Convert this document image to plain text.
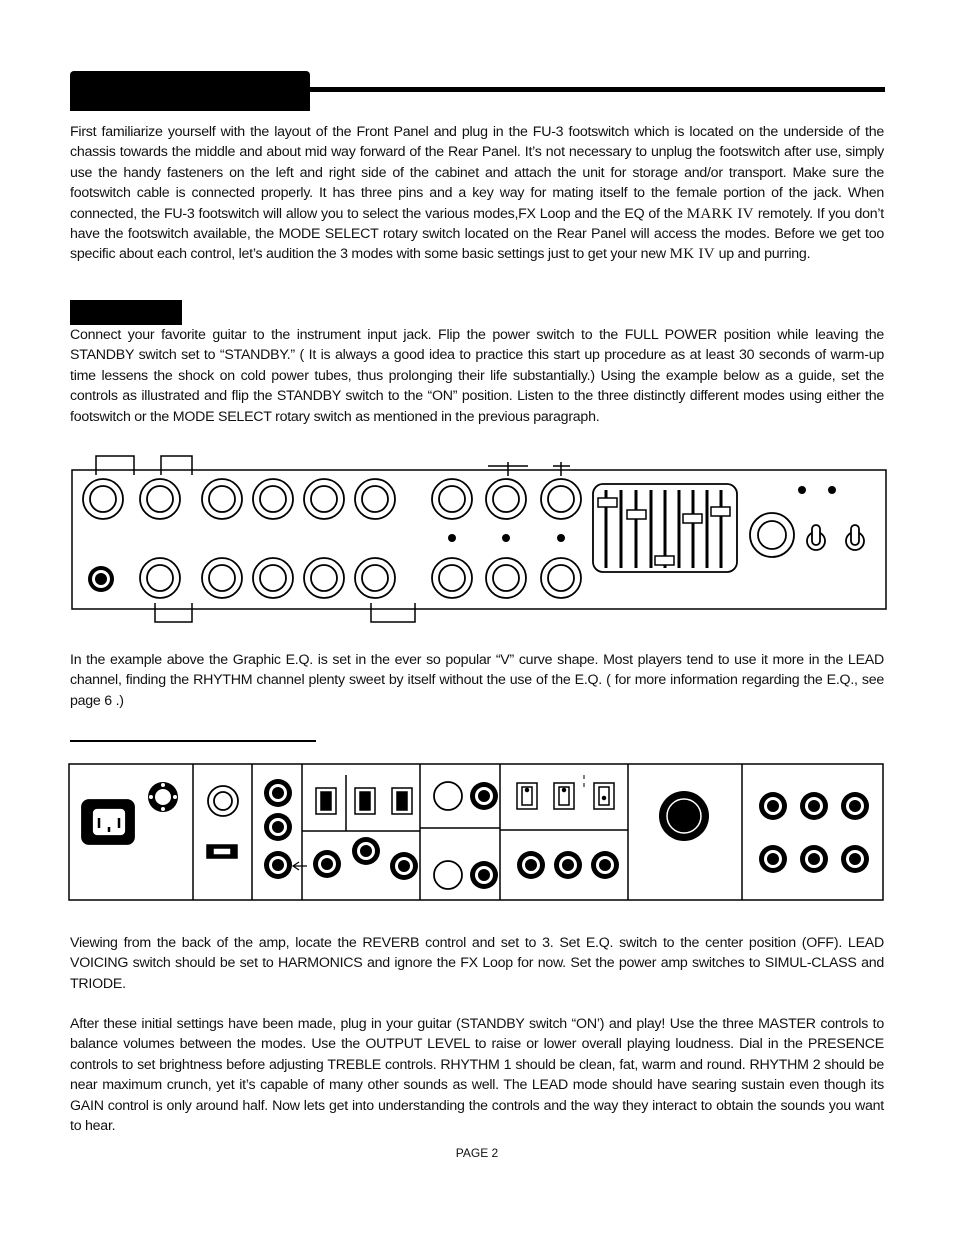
First familiarize yourself with the layout of the Front Panel and plug in the FU-3 footswitch which is located on the underside of the chassis towards the middle and about mid way forward of the Rear Panel. It’s not necessary to unplug the footswitch after use, simply use the handy fasteners on the left and right side of the cabinet and attach the unit for storage and/or transport. Make sure the footswitch cable is connected properly. It has three pins and a key way for mating itself to the female portion of the jack. When connected, the FU-3 footswitch will allow you to select the various modes,FX Loop and the EQ of the MARK IV remotely. If you don’t have the footswitch available, the MODE SELECT rotary switch located on the Rear Panel will access the modes. Before we get too specific about each control, let’s audition the 3 modes with some basic settings just to get your new MK IV up and purring.

Connect your favorite guitar to the instrument input jack. Flip the power switch to the FULL POWER position while leaving the STANDBY switch set to “STANDBY.” ( It is always a good idea to practice this start up procedure as at least 30 seconds of warm-up time lessens the shock on cold power tubes, thus prolonging their life substantially.) Using the example below as a guide, set the controls as illustrated and flip the STANDBY switch to the “ON” position. Listen to the three distinctly different modes using either the footswitch or the MODE SELECT rotary switch as mentioned in the previous paragraph.

In the example above the Graphic E.Q. is set in the ever so popular “V” curve shape. Most players tend to use it more in the LEAD channel, finding the RHYTHM channel plenty sweet by itself without the use of the E.Q. ( for more information regarding the E.Q., see page 6 .)

Viewing from the back of the amp, locate the REVERB control and set to 3. Set E.Q. switch to the center position (OFF). LEAD VOICING switch should be set to HARMONICS and ignore the FX Loop for now. Set the power amp switches to SIMUL-CLASS and TRIODE.

After these initial settings have been made, plug in your guitar (STANDBY switch “ON’) and play! Use the three MASTER controls to balance volumes between the modes. Use the OUTPUT LEVEL to raise or lower overall playing loudness. Dial in the PRESENCE controls to set brightness before adjusting TREBLE controls. RHYTHM 1 should be clean, fat, warm and round. RHYTHM 2 should be near maximum crunch, yet it’s capable of many other sounds as well. The LEAD mode should have searing sustain even though its GAIN control is only around half. Now lets get into understanding the controls and the way they interact to obtain the sounds you want to hear.

PAGE 2
